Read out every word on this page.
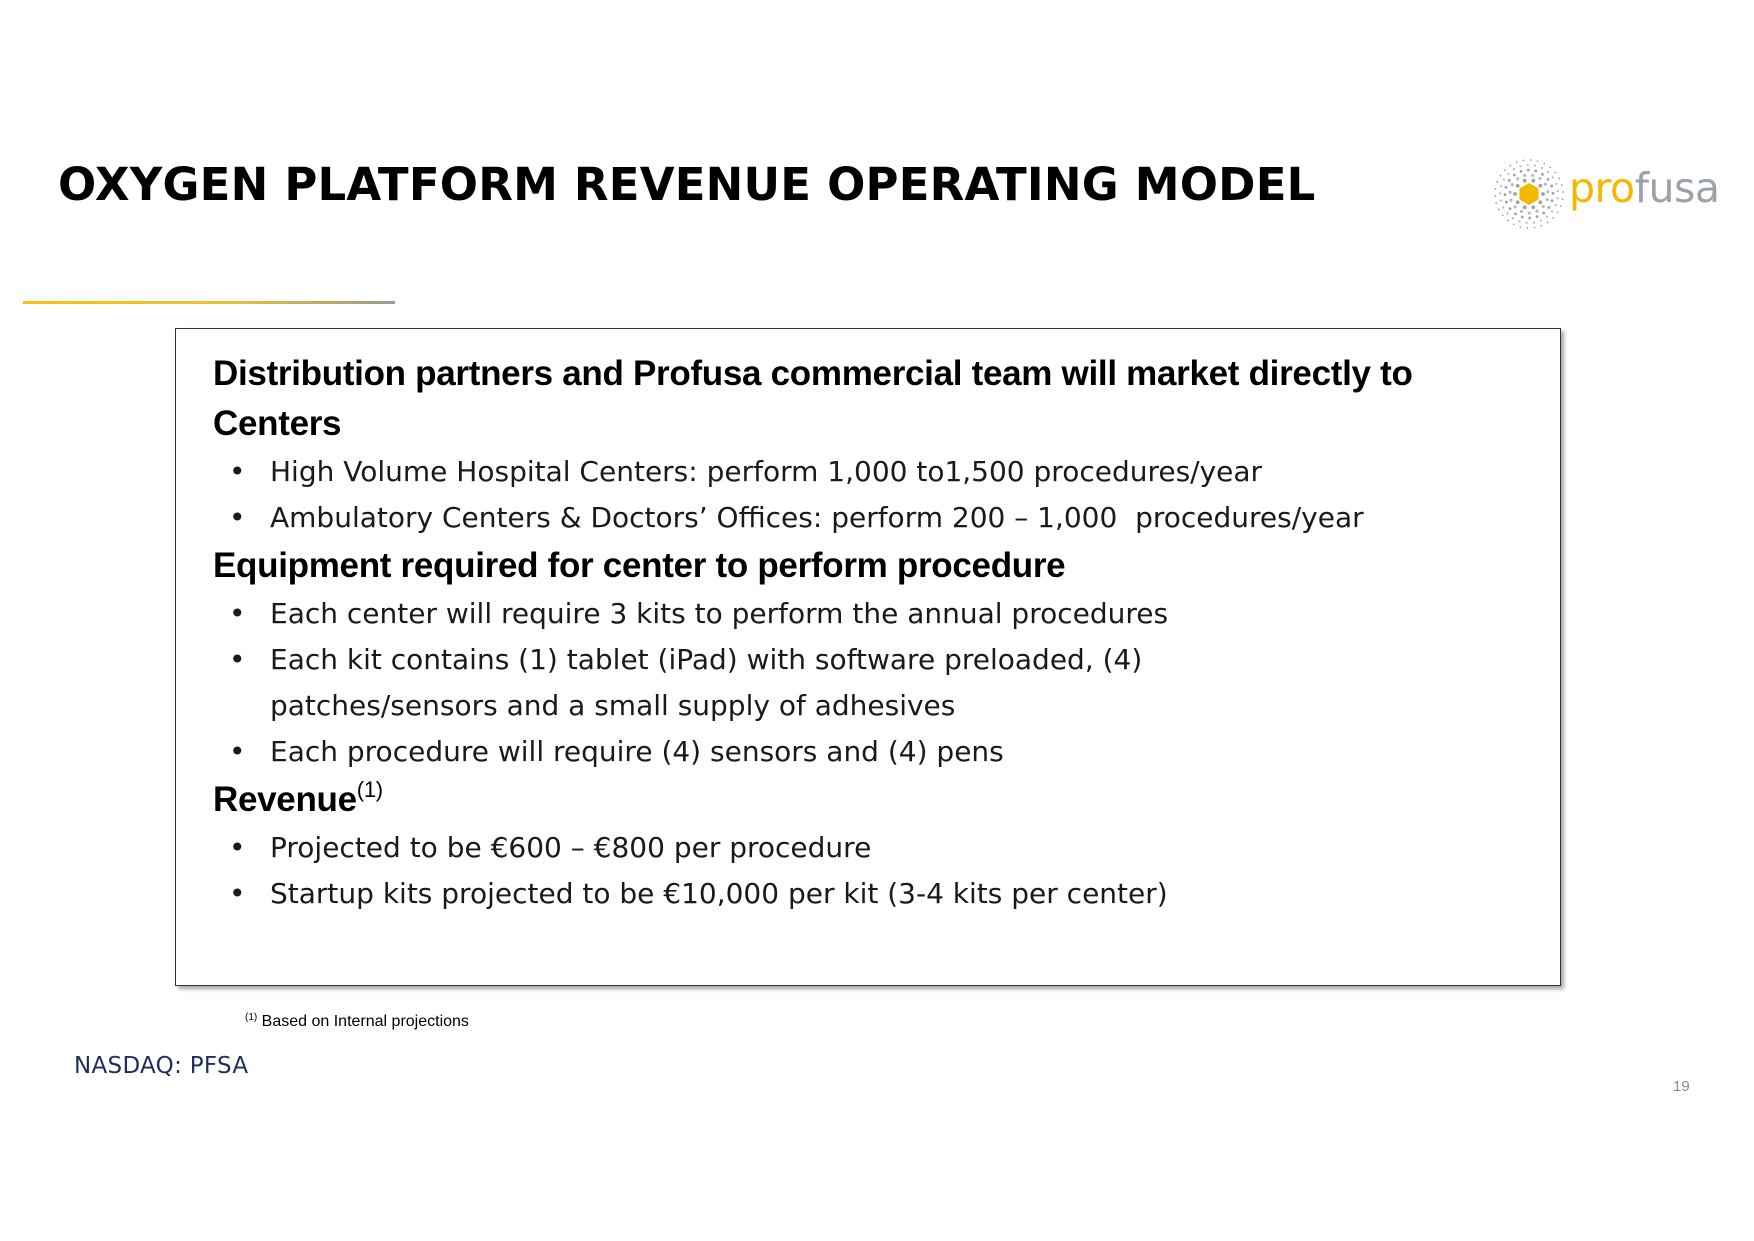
OXYGEN PLATFORM REVENUE OPERATING MODEL	profusa
Distribution partners and Profusa commercial team will market directly to Centers
• High Volume Hospital Centers: perform 1,000 to1,500 procedures/year
• Ambulatory Centers & Doctors’ Offices: perform 200 – 1,000  procedures/year
Equipment required for center to perform procedure
• Each center will require 3 kits to perform the annual procedures
• Each kit contains (1) tablet (iPad) with software preloaded, (4) patches/sensors and a small supply of adhesives
• Each procedure will require (4) sensors and (4) pens
Revenue$^{(1)}$
• Projected to be €600 – €800 per procedure
• Startup kits projected to be €10,000 per kit (3-4 kits per center)
$^{(1)}$ Based on Internal projections
NASDAQ: PFSA
19
